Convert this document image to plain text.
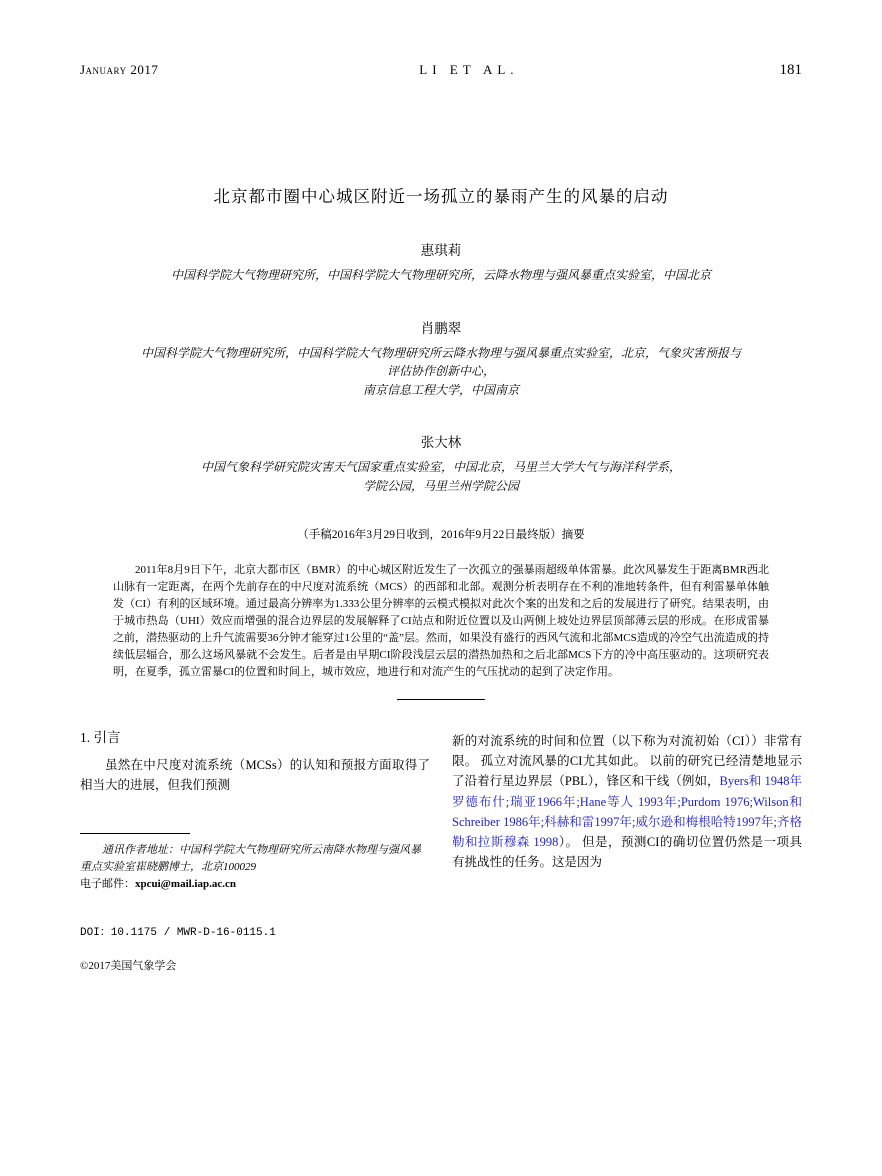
January 2017	LI ET AL.	181
北京都市圈中心城区附近一场孤立的暴雨产生的风暴的启动
惠琪莉
中国科学院大气物理研究所，中国科学院大气物理研究所，云降水物理与强风暴重点实验室，中国北京
肖鹏翠
中国科学院大气物理研究所，中国科学院大气物理研究所云降水物理与强风暴重点实验室，北京，气象灾害预报与评估协作创新中心，
南京信息工程大学，中国南京
张大林
中国气象科学研究院灾害天气国家重点实验室，中国北京，马里兰大学大气与海洋科学系，
学院公园，马里兰州学院公园
（手稿2016年3月29日收到，2016年9月22日最终版）摘要

2011年8月9日下午，北京大都市区（BMR）的中心城区附近发生了一次孤立的强暴雨超级单体雷暴。此次风暴发生于距离BMR西北山脉有一定距离，在两个先前存在的中尺度对流系统（MCS）的西部和北部。观测分析表明存在不利的准地转条件，但有利雷暴单体触发（CI）有利的区域环境。通过最高分辨率为1.333公里分辨率的云模式模拟对此次个案的出发和之后的发展进行了研究。结果表明，由于城市热岛（UHI）效应而增强的混合边界层的发展解释了CI站点和附近位置以及山两侧上坡处边界层顶部薄云层的形成。在形成雷暴之前，潜热驱动的上升气流需要36分钟才能穿过1公里的“盖”层。然而，如果没有盛行的西风气流和北部MCS造成的冷空气出流造成的持续低层辐合，那么这场风暴就不会发生。后者是由早期CI阶段浅层云层的潜热加热和之后北部MCS下方的冷中高压驱动的。这项研究表明，在夏季，孤立雷暴CI的位置和时间上，城市效应，地进行和对流产生的气压扰动的起到了决定作用。

1. 引言

虽然在中尺度对流系统（MCSs）的认知和预报方面取得了相当大的进展，但我们预测

通讯作者地址：中国科学院大气物理研究所云南降水物理与强风暴重点实验室崔晓鹏博士，北京100029

电子邮件：xpcui@mail.iap.ac.cn

DOI：10.1175 / MWR-D-16-0115.1

©2017美国气象学会

新的对流系统的时间和位置（以下称为对流初始（CI））非常有限。 孤立对流风暴的CI尤其如此。 以前的研究已经清楚地显示了沿着行星边界层（PBL），锋区和干线（例如，Byers和 1948年罗德布什;瑞亚1966年;Hane等人 1993年;Purdom 1976;Wilson和Schreiber 1986年;科赫和雷1997年;威尔逊和梅根哈特1997年;齐格勒和拉斯穆森 1998）。 但是，预测CI的确切位置仍然是一项具有挑战性的任务。这是因为
